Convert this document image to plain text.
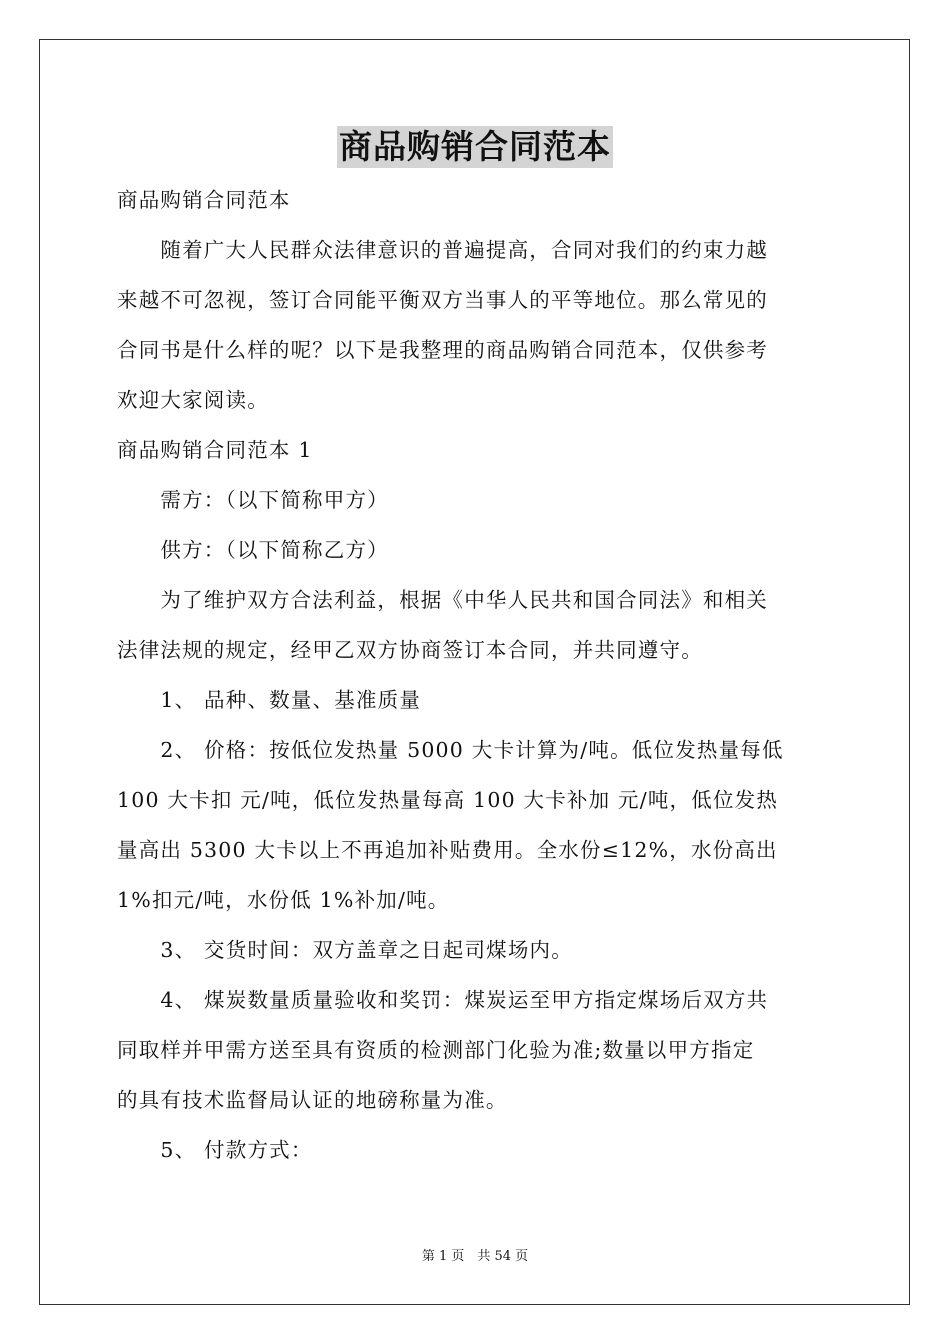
商品购销合同范本
商品购销合同范本
　　随着广大人民群众法律意识的普遍提高，合同对我们的约束力越
来越不可忽视，签订合同能平衡双方当事人的平等地位。那么常见的
合同书是什么样的呢？以下是我整理的商品购销合同范本，仅供参考
欢迎大家阅读。
商品购销合同范本 1
　　需方：（以下简称甲方）
　　供方：（以下简称乙方）
　　为了维护双方合法利益，根据《中华人民共和国合同法》和相关
法律法规的规定，经甲乙双方协商签订本合同，并共同遵守。
　　1、 品种、数量、基准质量
　　2、 价格：按低位发热量 5000 大卡计算为/吨。低位发热量每低
100 大卡扣 元/吨，低位发热量每高 100 大卡补加 元/吨，低位发热
量高出 5300 大卡以上不再追加补贴费用。全水份≤12%，水份高出
1%扣元/吨，水份低 1%补加/吨。
　　3、 交货时间：双方盖章之日起司煤场内。
　　4、 煤炭数量质量验收和奖罚：煤炭运至甲方指定煤场后双方共
同取样并甲需方送至具有资质的检测部门化验为准;数量以甲方指定
的具有技术监督局认证的地磅称量为准。
　　5、 付款方式：
第 1 页　共 54 页
